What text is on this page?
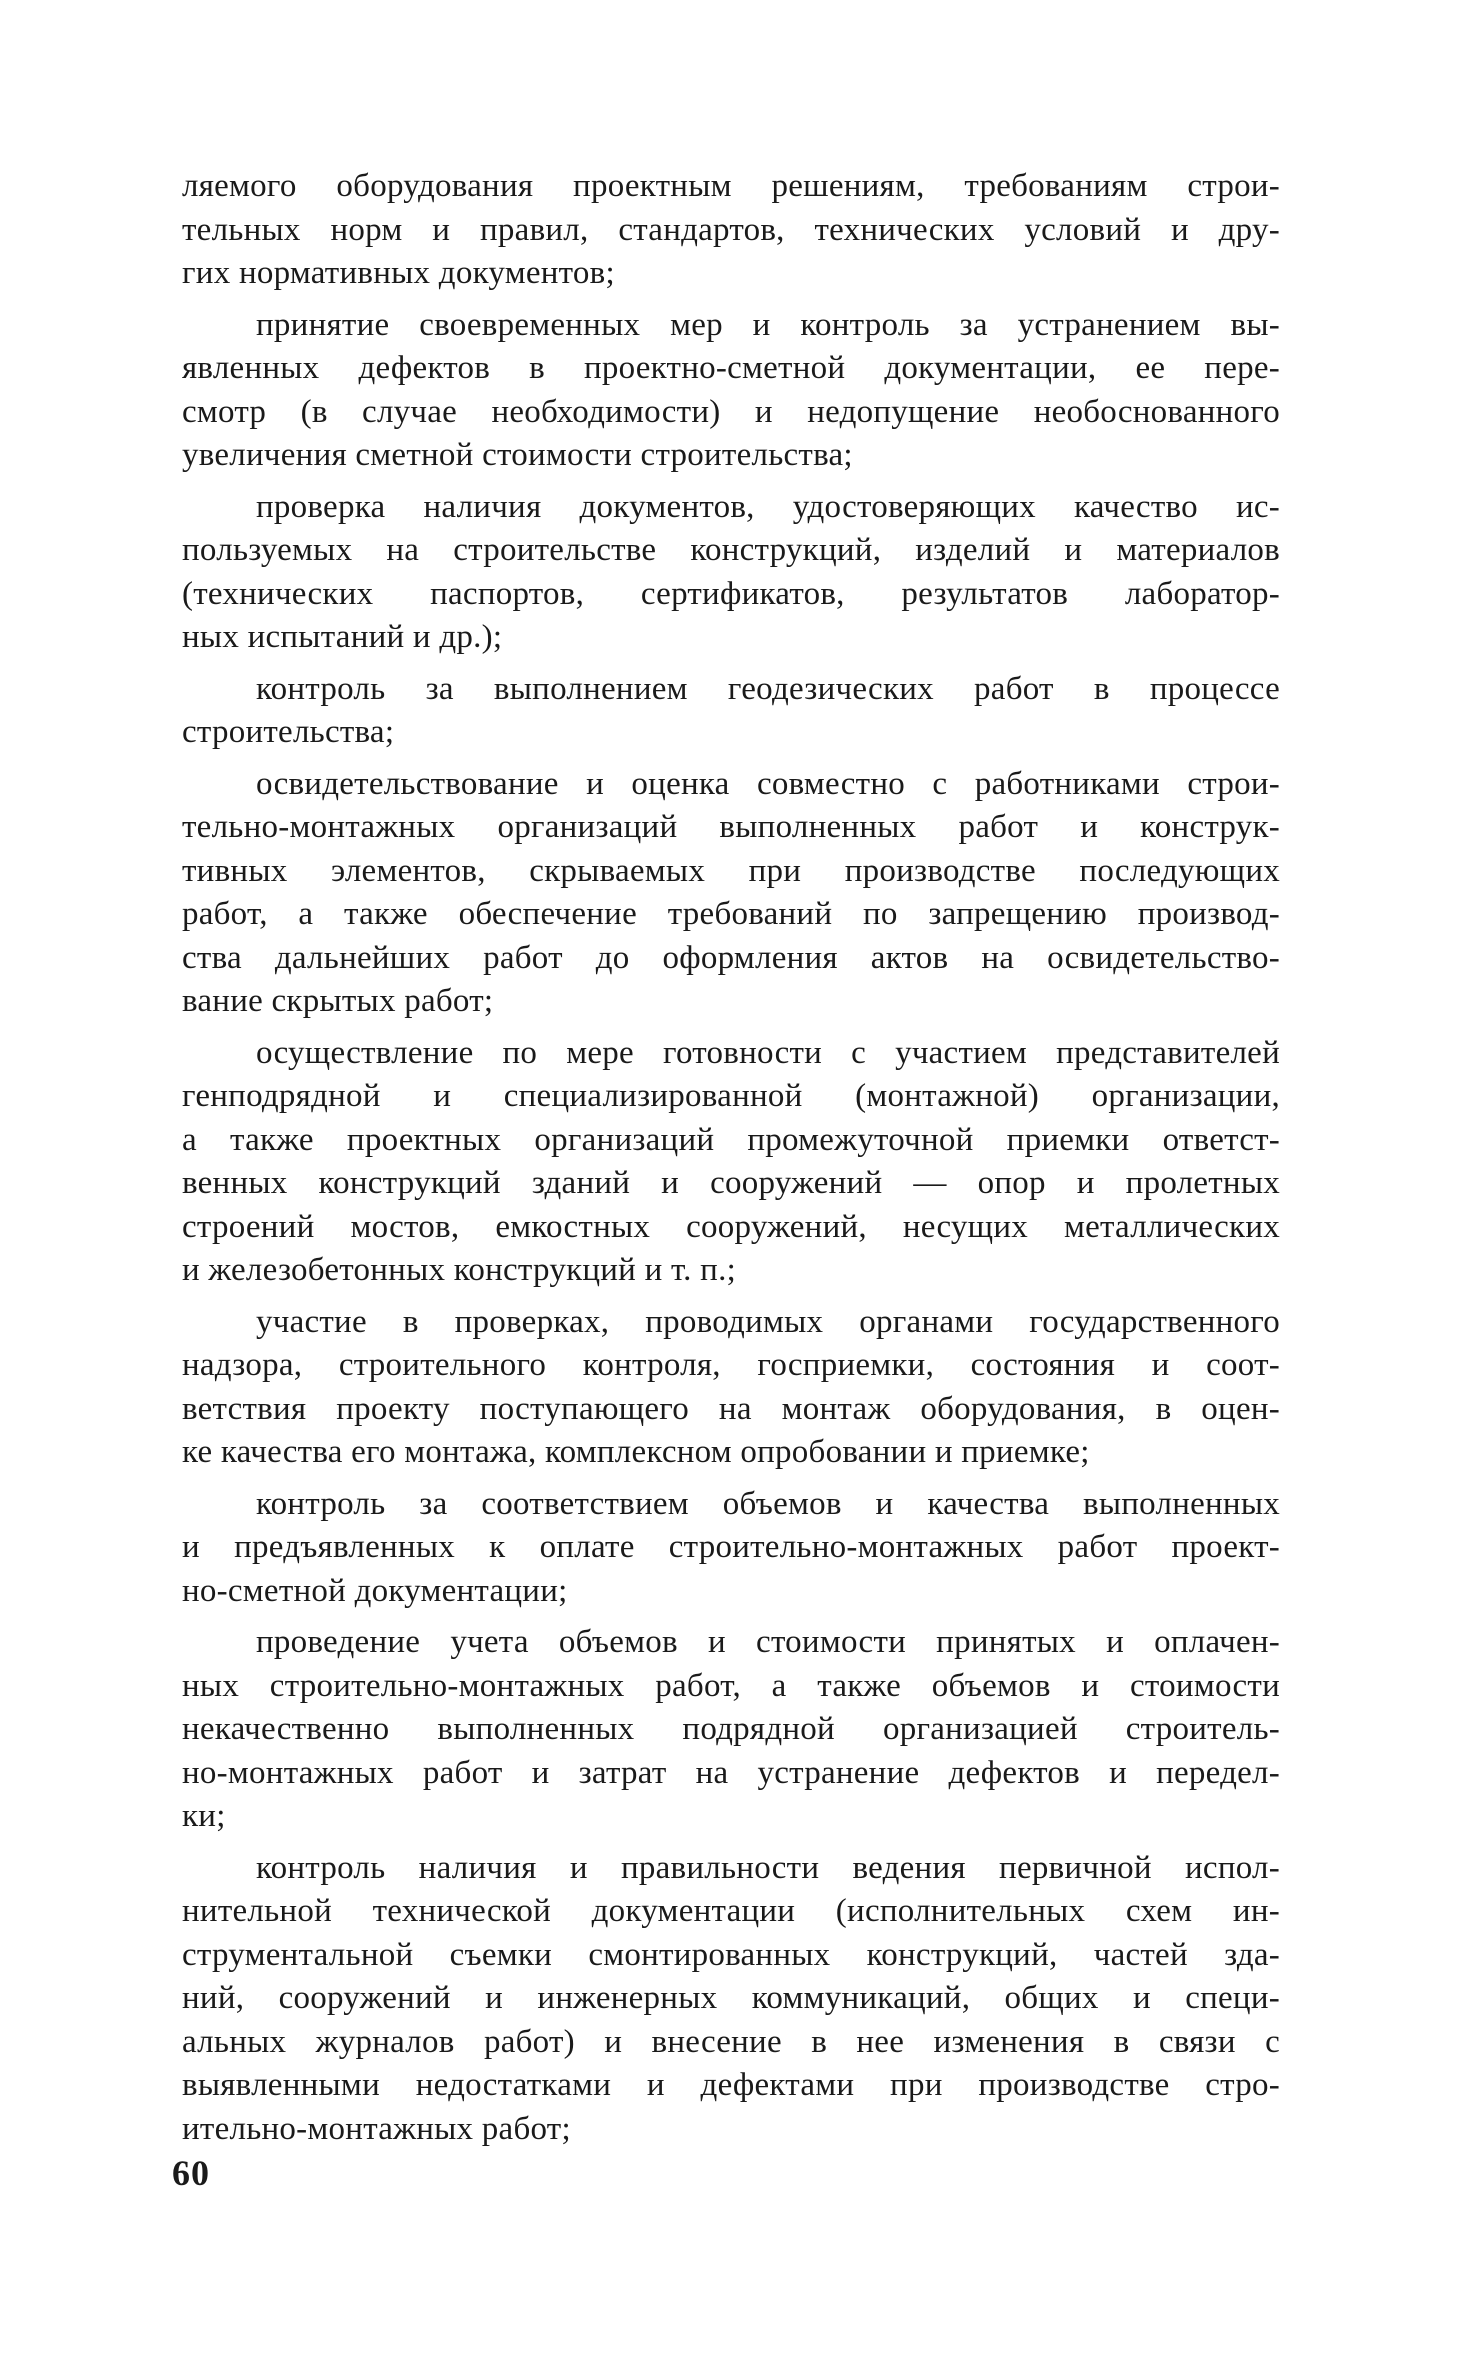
ляемого оборудования проектным решениям, требованиям строи-
тельных норм и правил, стандартов, технических условий и дру-
гих нормативных документов;
принятие своевременных мер и контроль за устранением вы-
явленных дефектов в проектно-сметной документации, ее пере-
смотр (в случае необходимости) и недопущение необоснованного
увеличения сметной стоимости строительства;
проверка наличия документов, удостоверяющих качество ис-
пользуемых на строительстве конструкций, изделий и материалов
(технических паспортов, сертификатов, результатов лаборатор-
ных испытаний и др.);
контроль за выполнением геодезических работ в процессе
строительства;
освидетельствование и оценка совместно с работниками строи-
тельно-монтажных организаций выполненных работ и конструк-
тивных элементов, скрываемых при производстве последующих
работ, а также обеспечение требований по запрещению производ-
ства дальнейших работ до оформления актов на освидетельство-
вание скрытых работ;
осуществление по мере готовности с участием представителей
генподрядной и специализированной (монтажной) организации,
а также проектных организаций промежуточной приемки ответст-
венных конструкций зданий и сооружений — опор и пролетных
строений мостов, емкостных сооружений, несущих металлических
и железобетонных конструкций и т. п.;
участие в проверках, проводимых органами государственного
надзора, строительного контроля, госприемки, состояния и соот-
ветствия проекту поступающего на монтаж оборудования, в оцен-
ке качества его монтажа, комплексном опробовании и приемке;
контроль за соответствием объемов и качества выполненных
и предъявленных к оплате строительно-монтажных работ проект-
но-сметной документации;
проведение учета объемов и стоимости принятых и оплачен-
ных строительно-монтажных работ, а также объемов и стоимости
некачественно выполненных подрядной организацией строитель-
но-монтажных работ и затрат на устранение дефектов и передел-
ки;
контроль наличия и правильности ведения первичной испол-
нительной технической документации (исполнительных схем ин-
струментальной съемки смонтированных конструкций, частей зда-
ний, сооружений и инженерных коммуникаций, общих и специ-
альных журналов работ) и внесение в нее изменения в связи с
выявленными недостатками и дефектами при производстве стро-
ительно-монтажных работ;
60
